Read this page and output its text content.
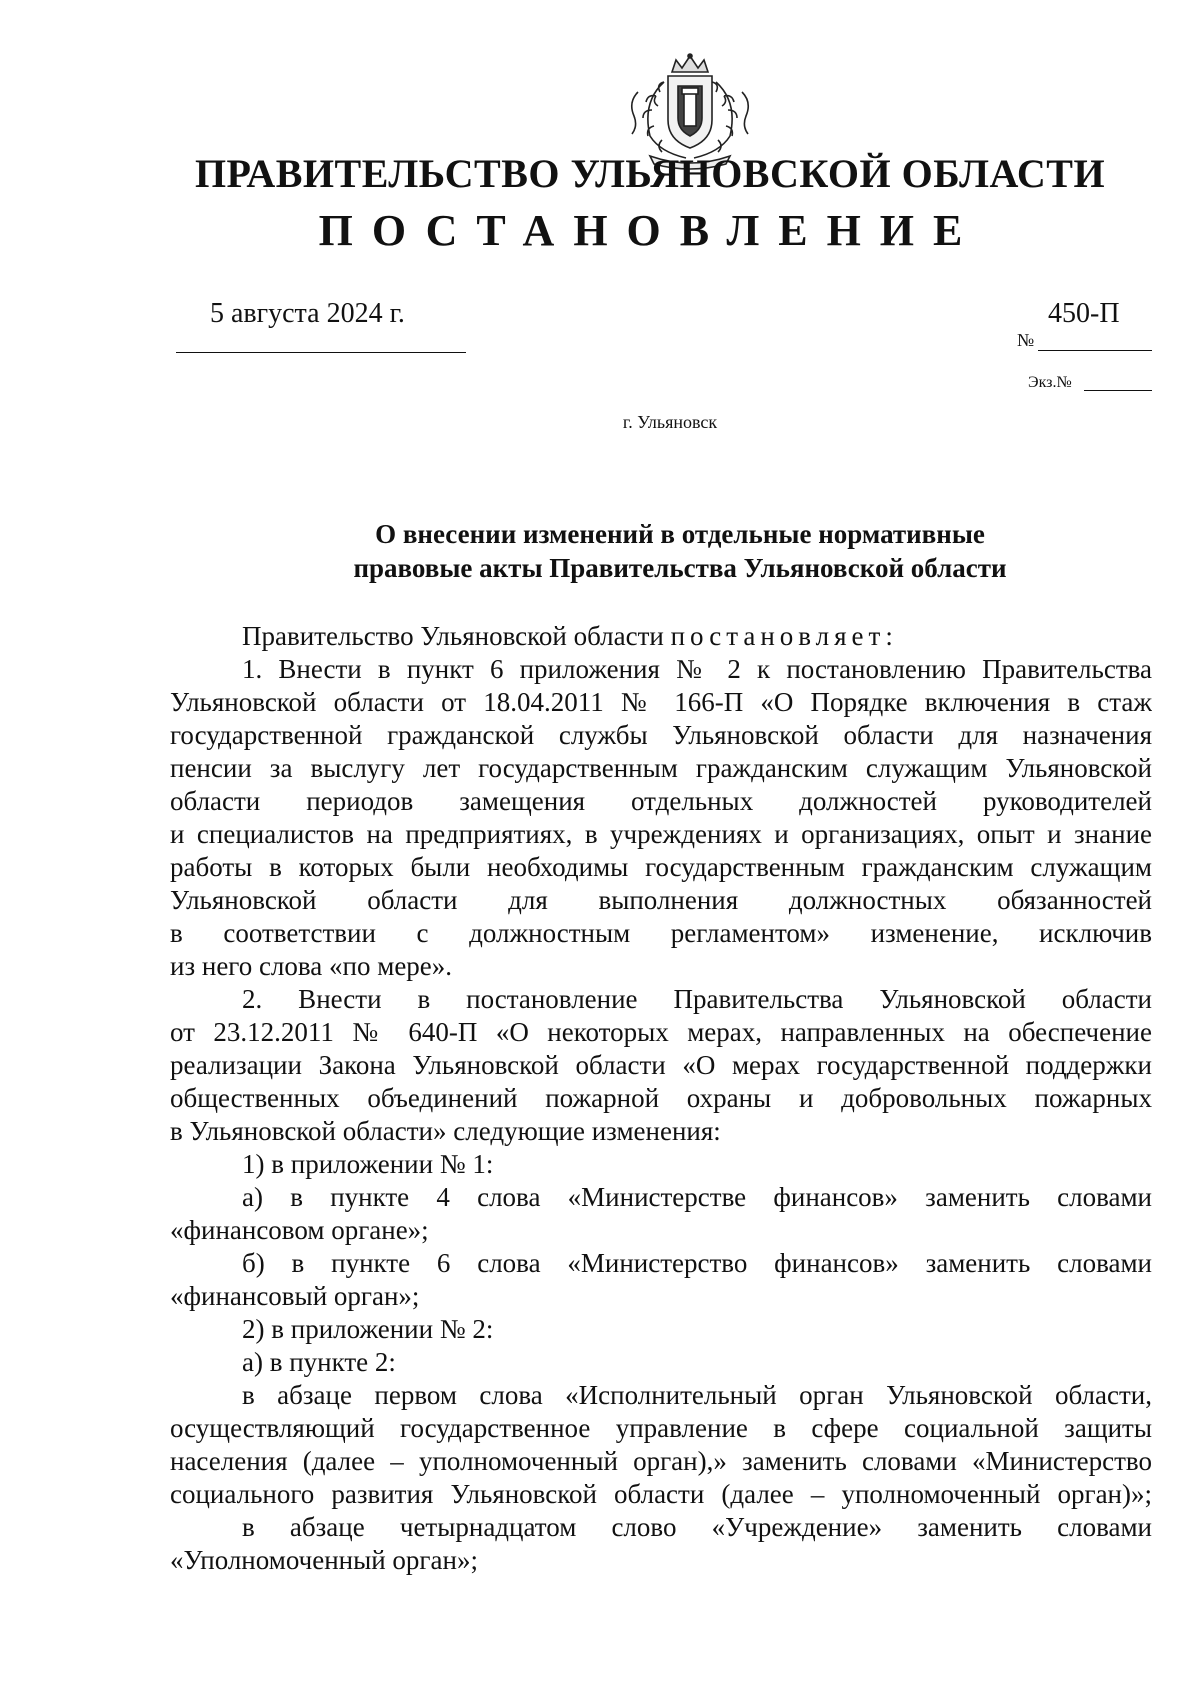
ПРАВИТЕЛЬСТВО УЛЬЯНОВСКОЙ ОБЛАСТИ
ПОСТАНОВЛЕНИЕ
5 августа 2024 г.
№
450-П
Экз.№
г. Ульяновск
О внесении изменений в отдельные нормативные
правовые акты Правительства Ульяновской области
Правительство Ульяновской области постановляет:
1. Внести в пункт 6 приложения № 2 к постановлению Правительства
Ульяновской области от 18.04.2011 № 166-П «О Порядке включения в стаж
государственной гражданской службы Ульяновской области для назначения
пенсии за выслугу лет государственным гражданским служащим Ульяновской
области периодов замещения отдельных должностей руководителей
и специалистов на предприятиях, в учреждениях и организациях, опыт и знание
работы в которых были необходимы государственным гражданским служащим
Ульяновской области для выполнения должностных обязанностей
в соответствии с должностным регламентом» изменение, исключив
из него слова «по мере».
2. Внести в постановление Правительства Ульяновской области
от 23.12.2011 № 640-П «О некоторых мерах, направленных на обеспечение
реализации Закона Ульяновской области «О мерах государственной поддержки
общественных объединений пожарной охраны и добровольных пожарных
в Ульяновской области» следующие изменения:
1) в приложении № 1:
а) в пункте 4 слова «Министерстве финансов» заменить словами
«финансовом органе»;
б) в пункте 6 слова «Министерство финансов» заменить словами
«финансовый орган»;
2) в приложении № 2:
а) в пункте 2:
в абзаце первом слова «Исполнительный орган Ульяновской области,
осуществляющий государственное управление в сфере социальной защиты
населения (далее – уполномоченный орган),» заменить словами «Министерство
социального развития Ульяновской области (далее – уполномоченный орган)»;
в абзаце четырнадцатом слово «Учреждение» заменить словами
«Уполномоченный орган»;
